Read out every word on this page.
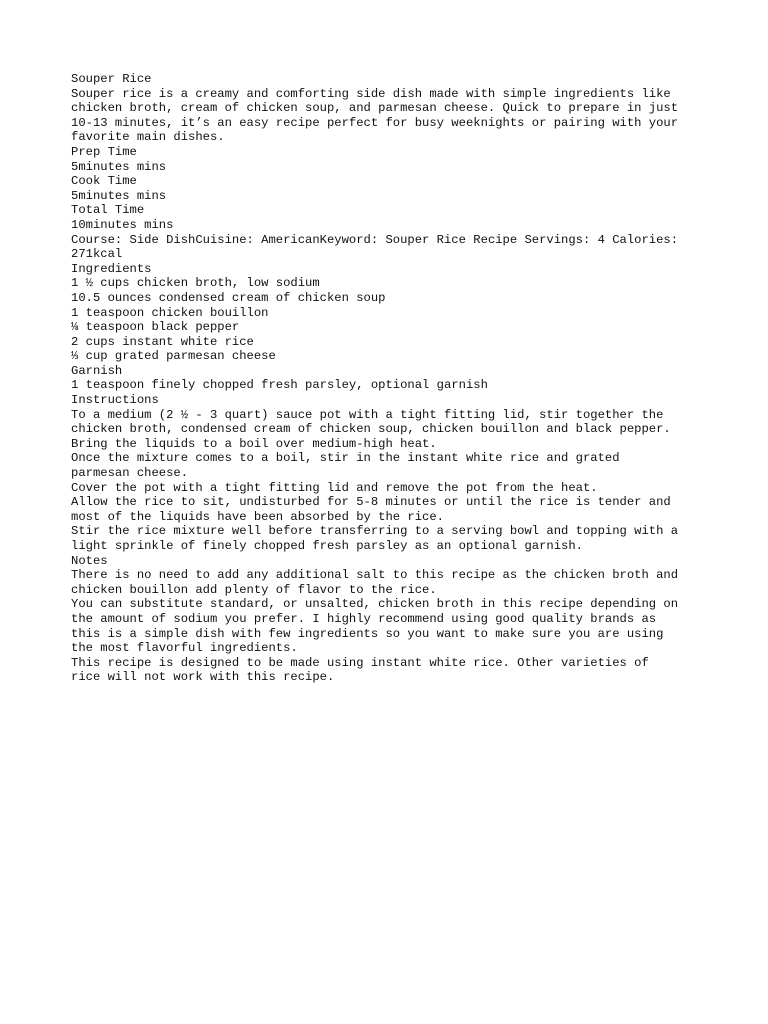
Souper Rice
Souper rice is a creamy and comforting side dish made with simple ingredients like
chicken broth, cream of chicken soup, and parmesan cheese. Quick to prepare in just
10-13 minutes, it’s an easy recipe perfect for busy weeknights or pairing with your
favorite main dishes.
Prep Time
5minutes mins
Cook Time
5minutes mins
Total Time
10minutes mins
Course: Side DishCuisine: AmericanKeyword: Souper Rice Recipe Servings: 4 Calories:
271kcal
Ingredients
1 ½ cups chicken broth, low sodium
10.5 ounces condensed cream of chicken soup
1 teaspoon chicken bouillon
⅛ teaspoon black pepper
2 cups instant white rice
⅓ cup grated parmesan cheese
Garnish
1 teaspoon finely chopped fresh parsley, optional garnish
Instructions
To a medium (2 ½ - 3 quart) sauce pot with a tight fitting lid, stir together the
chicken broth, condensed cream of chicken soup, chicken bouillon and black pepper.
Bring the liquids to a boil over medium-high heat.
Once the mixture comes to a boil, stir in the instant white rice and grated
parmesan cheese.
Cover the pot with a tight fitting lid and remove the pot from the heat.
Allow the rice to sit, undisturbed for 5-8 minutes or until the rice is tender and
most of the liquids have been absorbed by the rice.
Stir the rice mixture well before transferring to a serving bowl and topping with a
light sprinkle of finely chopped fresh parsley as an optional garnish.
Notes
There is no need to add any additional salt to this recipe as the chicken broth and
chicken bouillon add plenty of flavor to the rice.
You can substitute standard, or unsalted, chicken broth in this recipe depending on
the amount of sodium you prefer. I highly recommend using good quality brands as
this is a simple dish with few ingredients so you want to make sure you are using
the most flavorful ingredients.
This recipe is designed to be made using instant white rice. Other varieties of
rice will not work with this recipe.
